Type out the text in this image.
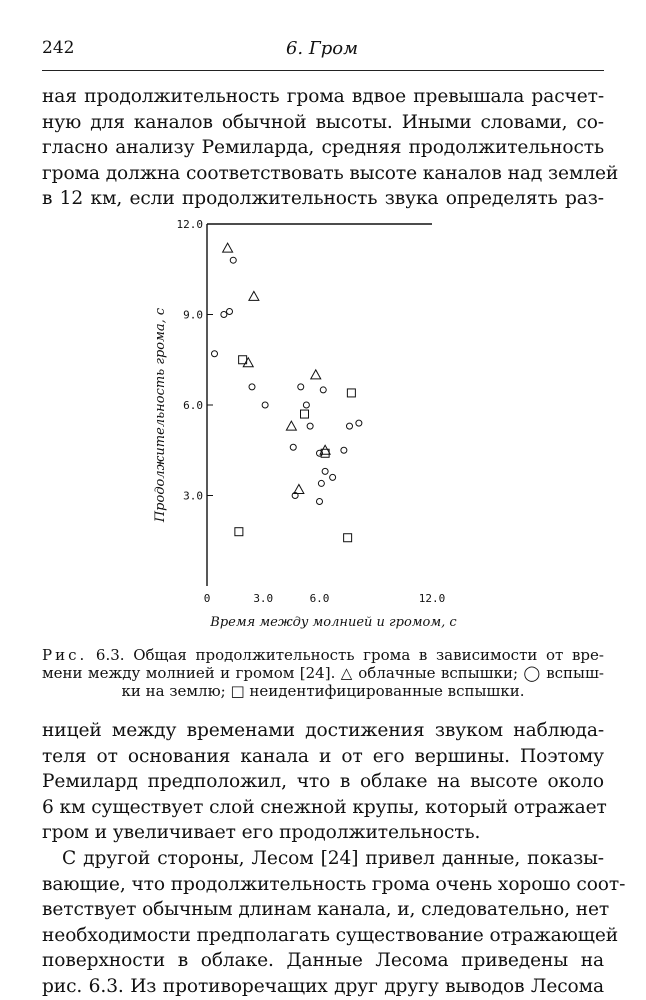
242	6. Гром

ная продолжительность грома вдвое превышала расчет-
ную для каналов обычной высоты. Иными словами, со-
гласно анализу Ремиларда, средняя продолжительность
грома должна соответствовать высоте каналов над землей
в 12 км, если продолжительность звука определять раз-

3.0
6.0
9.0
12.0
0	3.0	6.0	12.0
Время между молнией и громом, с
Продолжительность грома, с
Рис. 6.3. Общая продолжительность грома в зависимости от вре-
мени между молнией и громом [24]. △ облачные вспышки; ◯ вспыш-
ки на землю; □ неидентифицированные вспышки.

ницей между временами достижения звуком наблюда-
теля от основания канала и от его вершины. Поэтому
Ремилард предположил, что в облаке на высоте около
6 км существует слой снежной крупы, который отражает
гром и увеличивает его продолжительность.

С другой стороны, Лесом [24] привел данные, показы-
вающие, что продолжительность грома очень хорошо соот-
ветствует обычным длинам канала, и, следовательно, нет
необходимости предполагать существование отражающей
поверхности в облаке. Данные Лесома приведены на
рис. 6.3. Из противоречащих друг другу выводов Лесома
